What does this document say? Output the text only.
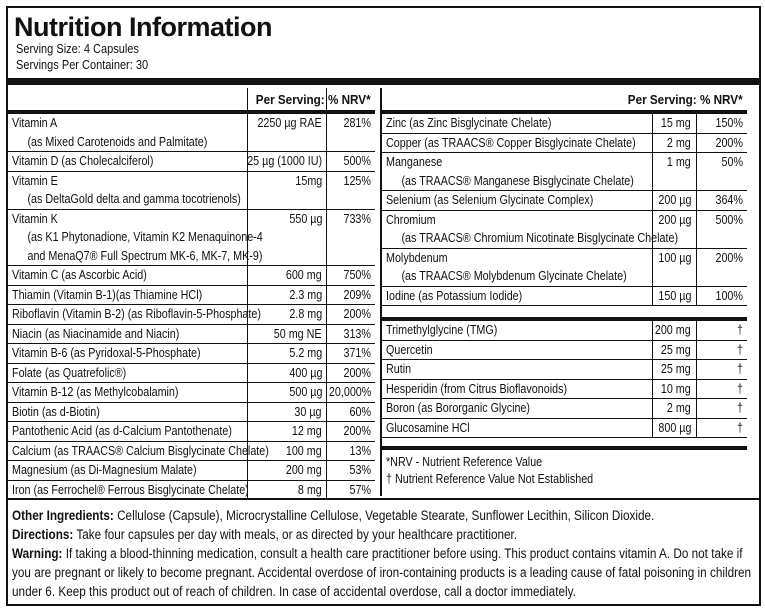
Nutrition Information
Serving Size: 4 Capsules
Servings Per Container: 30
Per Serving: % NRV*
Vitamin A
(as Mixed Carotenoids and Palmitate)
2250 µg RAE 281%
Vitamin D (as Cholecalciferol)	25 µg (1000 IU) 500%
Vitamin E
(as DeltaGold delta and gamma tocotrienols)
15mg 125%
Vitamin K
(as K1 Phytonadione, Vitamin K2 Menaquinone-4
and MenaQ7® Full Spectrum MK-6, MK-7, MK-9)
550 µg 733%
Vitamin C (as Ascorbic Acid)	600 mg 750%
Thiamin (Vitamin B-1)(as Thiamine HCl)	2.3 mg 209%
Riboflavin (Vitamin B-2) (as Riboflavin-5-Phosphate)	2.8 mg 200%
Niacin (as Niacinamide and Niacin)	50 mg NE 313%
Vitamin B-6 (as Pyridoxal-5-Phosphate)	5.2 mg 371%
Folate (as Quatrefolic®)	400 µg 200%
Vitamin B-12 (as Methylcobalamin)	500 µg 20,000%
Biotin (as d-Biotin)	30 µg 60%
Pantothenic Acid (as d-Calcium Pantothenate)	12 mg 200%
Calcium (as TRAACS® Calcium Bisglycinate Chelate)	100 mg 13%
Magnesium (as Di-Magnesium Malate)	200 mg 53%
Iron (as Ferrochel® Ferrous Bisglycinate Chelate)	8 mg 57%
Per Serving: % NRV*
Zinc (as Zinc Bisglycinate Chelate)	15 mg 150%
Copper (as TRAACS® Copper Bisglycinate Chelate)	2 mg 200%
Manganese
(as TRAACS® Manganese Bisglycinate Chelate)
1 mg 50%
Selenium (as Selenium Glycinate Complex)	200 µg 364%
Chromium
(as TRAACS® Chromium Nicotinate Bisglycinate Chelate)
200 µg 500%
Molybdenum
(as TRAACS® Molybdenum Glycinate Chelate)
100 µg 200%
Iodine (as Potassium Iodide)	150 µg 100%
Trimethylglycine (TMG)	200 mg	†
Quercetin	25 mg	†
Rutin	25 mg	†
Hesperidin (from Citrus Bioflavonoids)	10 mg	†
Boron (as Bororganic Glycine)	2 mg	†
Glucosamine HCl	800 µg	†
*NRV - Nutrient Reference Value
† Nutrient Reference Value Not Established

Other Ingredients: Cellulose (Capsule), Microcrystalline Cellulose, Vegetable Stearate, Sunflower Lecithin, Silicon Dioxide.

Directions: Take four capsules per day with meals, or as directed by your healthcare practitioner.

Warning: If taking a blood-thinning medication, consult a health care practitioner before using. This product contains vitamin A. Do not take if you are pregnant or likely to become pregnant. Accidental overdose of iron-containing products is a leading cause of fatal poisoning in children under 6. Keep this product out of reach of children. In case of accidental overdose, call a doctor immediately.
